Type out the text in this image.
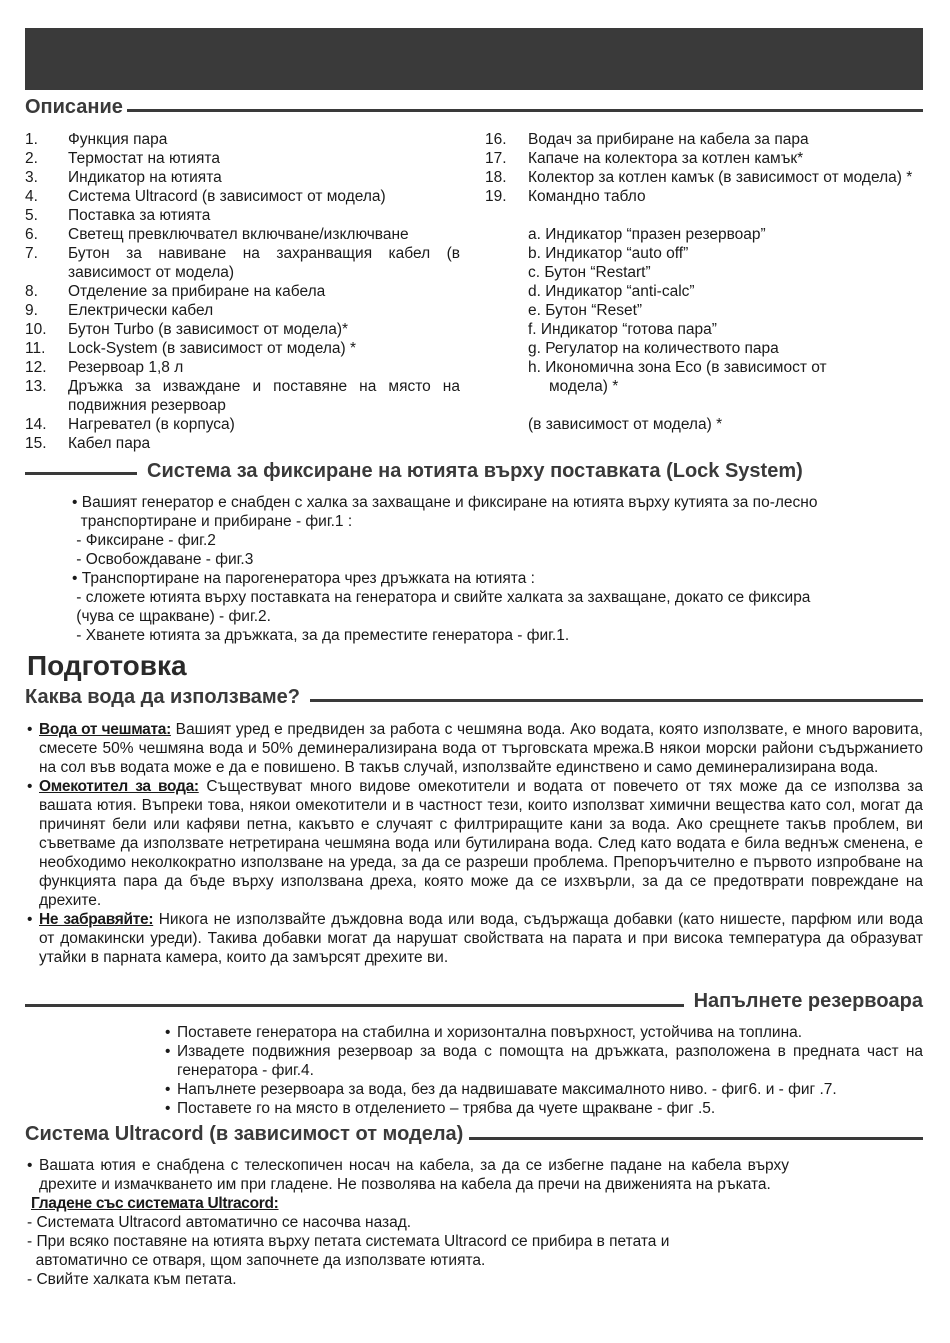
Описание
1.	Функция пара
2.	Термостат на ютията
3.	Индикатор на ютията
4.	Система Ultracord (в зависимост от модела)
5.	Поставка за ютията
6.	Светещ превключвател включване/изключване
7.	Бутон за навиване на захранващия кабел (в зависимост от модела)
8.	Отделение за прибиране на кабела
9.	Електрически кабел
10.	Бутон Turbo (в зависимост от модела)*
11.	Lock-System (в зависимост от модела) *
12.	Резервоар 1,8 л
13.	Дръжка за изваждане и поставяне на място на подвижния резервоар
14.	Нагревател (в корпуса)
15.	Кабел пара
16.	Водач за прибиране на кабела за пара
17.	Капаче на колектора за котлен камък*
18.	Колектор за котлен камък (в зависимост от модела) *
19.	Командно табло
a. Индикатор “празен резервоар”
b. Индикатор “auto off”
c. Бутон “Restart”
d. Индикатор “anti-calc”
e. Бутон “Reset”
f. Индикатор “готова пара”
g. Регулатор на количеството пара
h. Икономична зона Eco (в зависимост от
модела) *
(в зависимост от модела) *
Система за фиксиране на ютията върху поставката (Lock System)
• Вашият генератор е снабден с халка за захващане и фиксиране на ютията върху кутията за по-лесно
транспортиране и прибиране - фиг.1 :
- Фиксиране - фиг.2
- Освобождаване - фиг.3
• Транспортиране на парогенератора чрез дръжката на ютията :
- сложете ютията върху поставката на генератора и свийте халката за захващане, докато се фиксира
(чува се щракване) - фиг.2.
- Хванете ютията за дръжката, за да преместите генератора - фиг.1.
Подготовка
Каква вода да използваме?
• Вода от чешмата: Вашият уред е предвиден за работа с чешмяна вода. Ако водата, която използвате, е много варовита, смесете 50% чешмяна вода и 50% деминерализирана вода от търговската мрежа.В някои морски райони съдържанието на сол във водата може е да е повишено. В такъв случай, използвайте единствено и само деминерализирана вода.
• Омекотител за вода: Съществуват много видове омекотители и водата от повечето от тях може да се използва за вашата ютия. Въпреки това, някои омекотители и в частност тези, които използват химични вещества като сол, могат да причинят бели или кафяви петна, какъвто е случаят с филтриращите кани за вода. Ако срещнете такъв проблем, ви съветваме да използвате нетретирана чешмяна вода или бутилирана вода. След като водата е била веднъж сменена, е необходимо неколкократно използване на уреда, за да се разреши проблема. Препоръчително е първото изпробване на функцията пара да бъде върху използвана дреха, която може да се изхвърли, за да се предотврати повреждане на дрехите.
• Не забравяйте: Никога не използвайте дъждовна вода или вода, съдържаща добавки (като нишесте, парфюм или вода от домакински уреди). Такива добавки могат да нарушат свойствата на парата и при висока температура да образуват утайки в парната камера, които да замърсят дрехите ви.
Напълнете резервоара
• Поставете генератора на стабилна и хоризонтална повърхност, устойчива на топлина.
• Извадете подвижния резервоар за вода с помощта на дръжката, разположена в предната част на генератора - фиг.4.
• Напълнете резервоара за вода, без да надвишавате максималното ниво. - фиг6. и - фиг .7.
• Поставете го на място в отделението – трябва да чуете щракване - фиг .5.
Система Ultracord (в зависимост от модела)
• Вашата ютия е снабдена с телескопичен носач на кабела, за да се избегне падане на кабела върху дрехите и измачкването им при гладене. Не позволява на кабела да пречи на движенията на ръката.
Гладене със системата Ultracord:
- Системата Ultracord автоматично се насочва назад.
- При всяко поставяне на ютията върху петата системата Ultracord се прибира в петата и
автоматично се отваря, щом започнете да използвате ютията.
- Свийте халката към петата.
